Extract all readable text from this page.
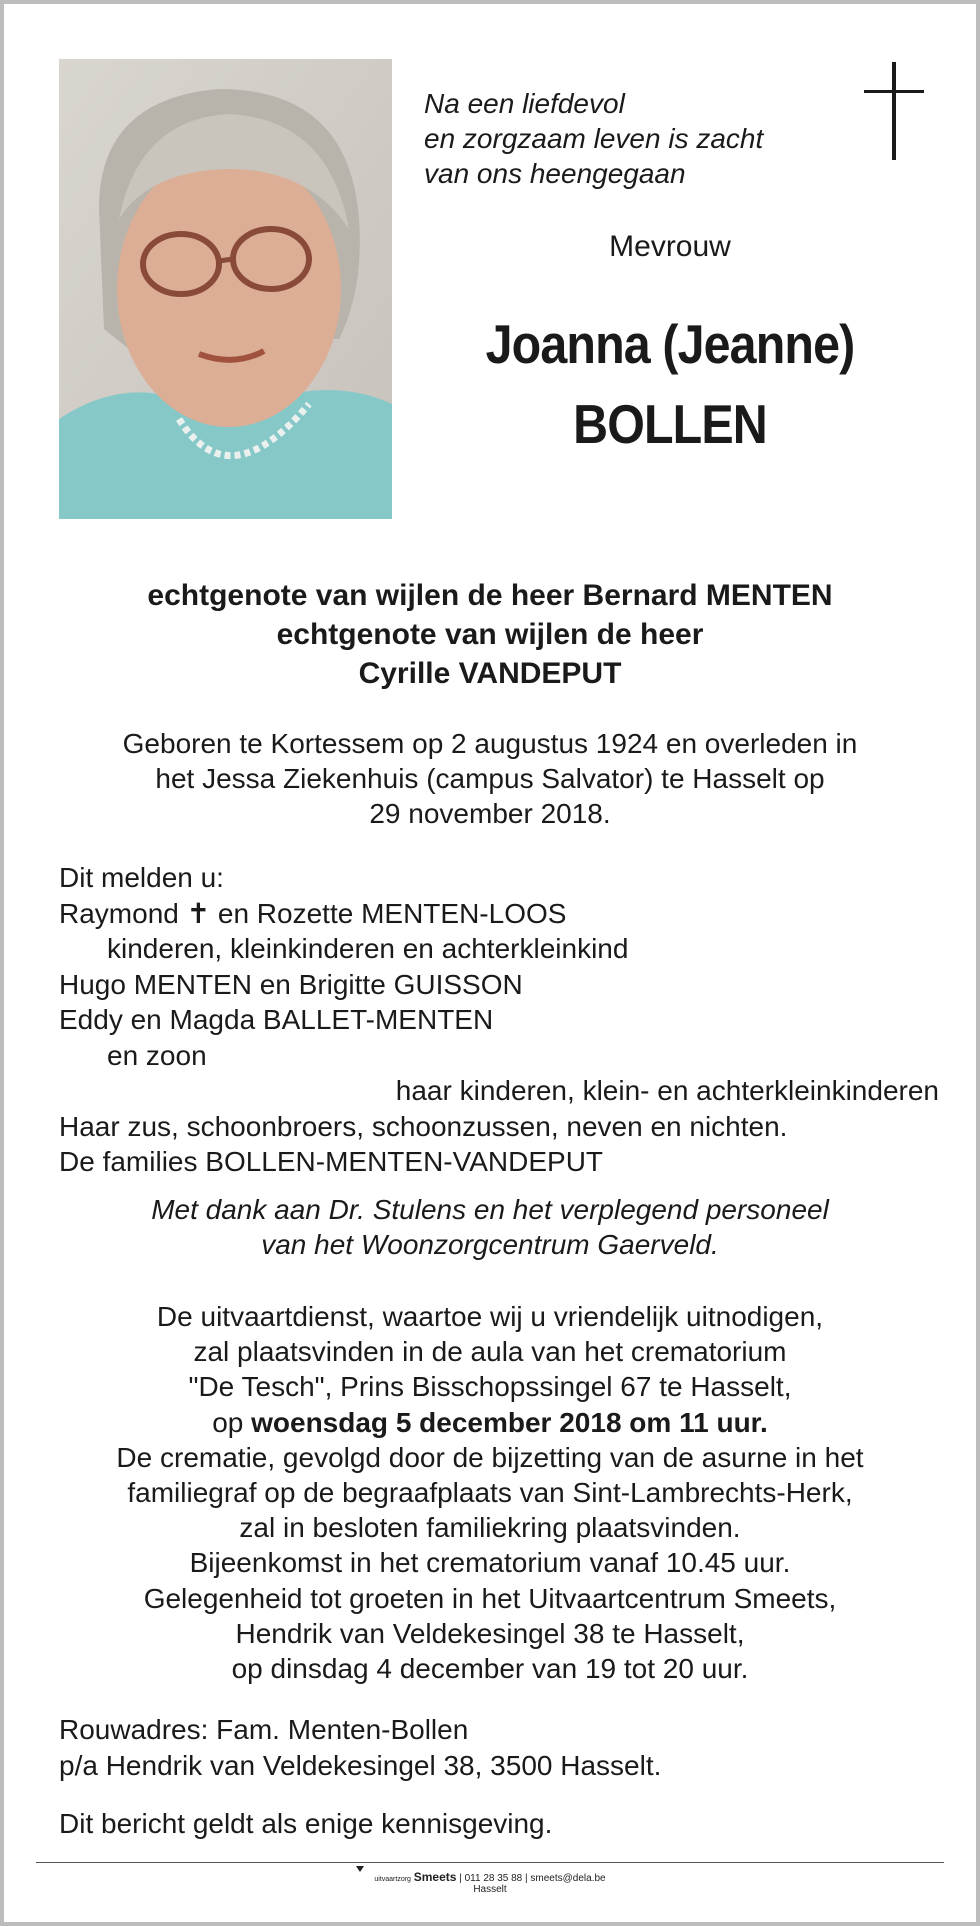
Na een liefdevol
en zorgzaam leven is zacht
van ons heengegaan
Mevrouw
Joanna (Jeanne)
BOLLEN
echtgenote van wijlen de heer Bernard MENTEN
echtgenote van wijlen de heer
Cyrille VANDEPUT
Geboren te Kortessem op 2 augustus 1924 en overleden in
het Jessa Ziekenhuis (campus Salvator) te Hasselt op
29 november 2018.
Dit melden u:
Raymond ✝ en Rozette MENTEN-LOOS
kinderen, kleinkinderen en achterkleinkind
Hugo MENTEN en Brigitte GUISSON
Eddy en Magda BALLET-MENTEN
en zoon
haar kinderen, klein- en achterkleinkinderen
Haar zus, schoonbroers, schoonzussen, neven en nichten.
De families BOLLEN-MENTEN-VANDEPUT
Met dank aan Dr. Stulens en het verplegend personeel
van het Woonzorgcentrum Gaerveld.
De uitvaartdienst, waartoe wij u vriendelijk uitnodigen,
zal plaatsvinden in de aula van het crematorium
"De Tesch", Prins Bisschopssingel 67 te Hasselt,
op woensdag 5 december 2018 om 11 uur.
De crematie, gevolgd door de bijzetting van de asurne in het
familiegraf op de begraafplaats van Sint-Lambrechts-Herk,
zal in besloten familiekring plaatsvinden.
Bijeenkomst in het crematorium vanaf 10.45 uur.
Gelegenheid tot groeten in het Uitvaartcentrum Smeets,
Hendrik van Veldekesingel 38 te Hasselt,
op dinsdag 4 december van 19 tot 20 uur.
Rouwadres: Fam. Menten-Bollen
p/a Hendrik van Veldekesingel 38, 3500 Hasselt.
Dit bericht geldt als enige kennisgeving.
uitvaartzorg Smeets | 011 28 35 88 | smeets@dela.be
Hasselt
